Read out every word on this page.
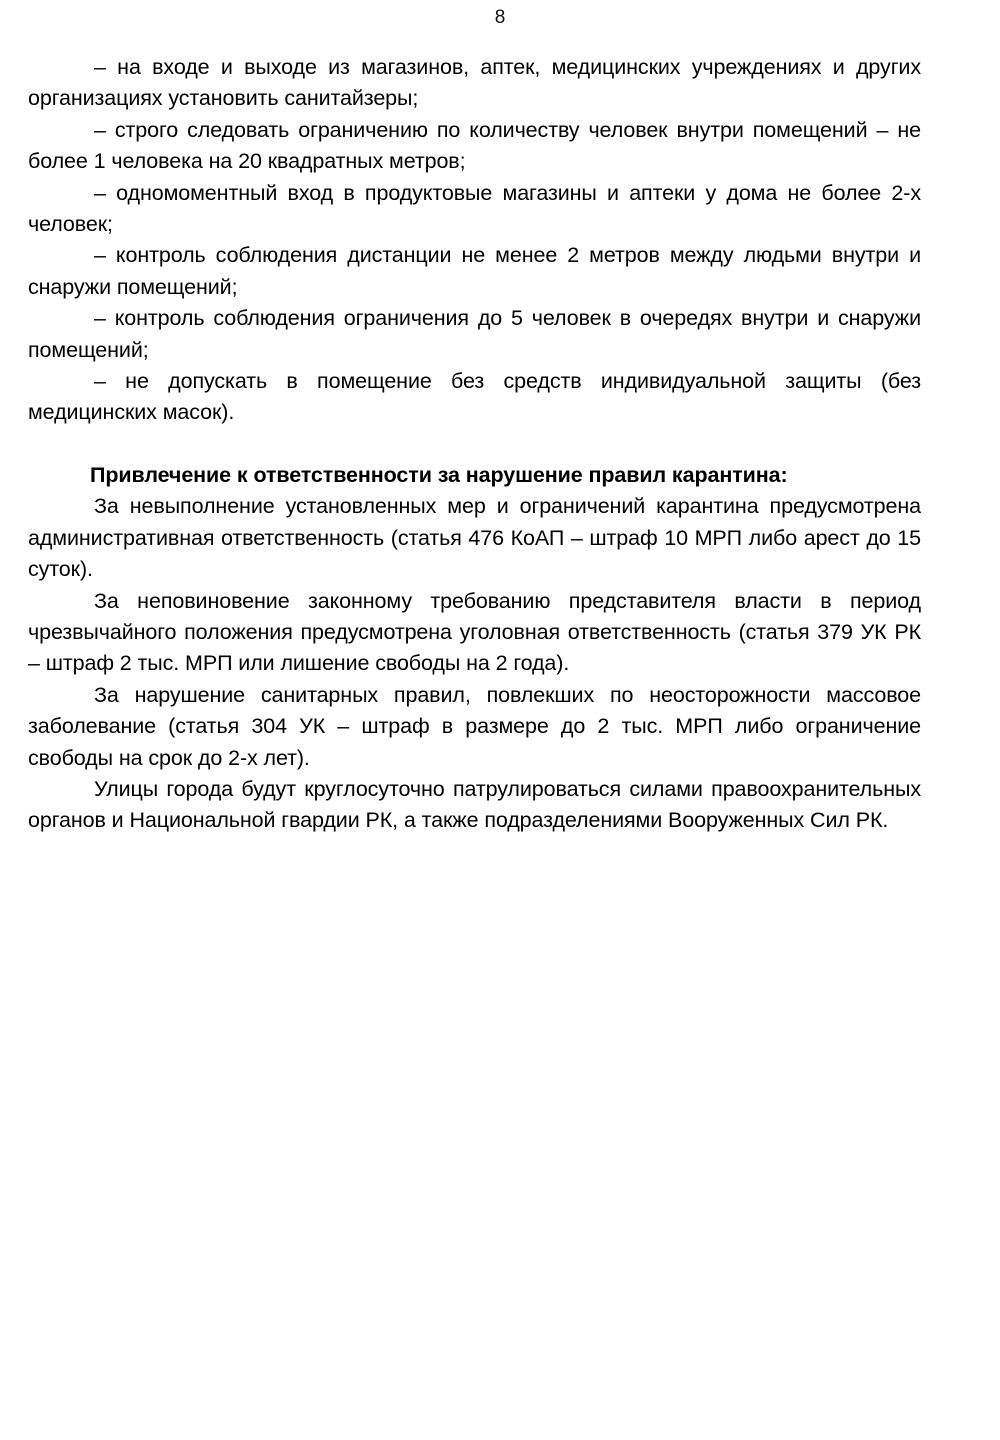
8

– на входе и выходе из магазинов, аптек, медицинских учреждениях и других организациях установить санитайзеры;

– строго следовать ограничению по количеству человек внутри помещений – не более 1 человека на 20 квадратных метров;

– одномоментный вход в продуктовые магазины и аптеки у дома не более 2-х человек;

– контроль соблюдения дистанции не менее 2 метров между людьми внутри и снаружи помещений;

– контроль соблюдения ограничения до 5 человек в очередях внутри и снаружи помещений;

– не допускать в помещение без средств индивидуальной защиты (без медицинских масок).

Привлечение к ответственности за нарушение правил карантина:

За невыполнение установленных мер и ограничений карантина предусмотрена административная ответственность (статья 476 КоАП – штраф 10 МРП либо арест до 15 суток).

За неповиновение законному требованию представителя власти в период чрезвычайного положения предусмотрена уголовная ответственность (статья 379 УК РК – штраф 2 тыс. МРП или лишение свободы на 2 года).

За нарушение санитарных правил, повлекших по неосторожности массовое заболевание (статья 304 УК – штраф в размере до 2 тыс. МРП либо ограничение свободы на срок до 2-х лет).

Улицы города будут круглосуточно патрулироваться силами правоохранительных органов и Национальной гвардии РК, а также подразделениями Вооруженных Сил РК.
